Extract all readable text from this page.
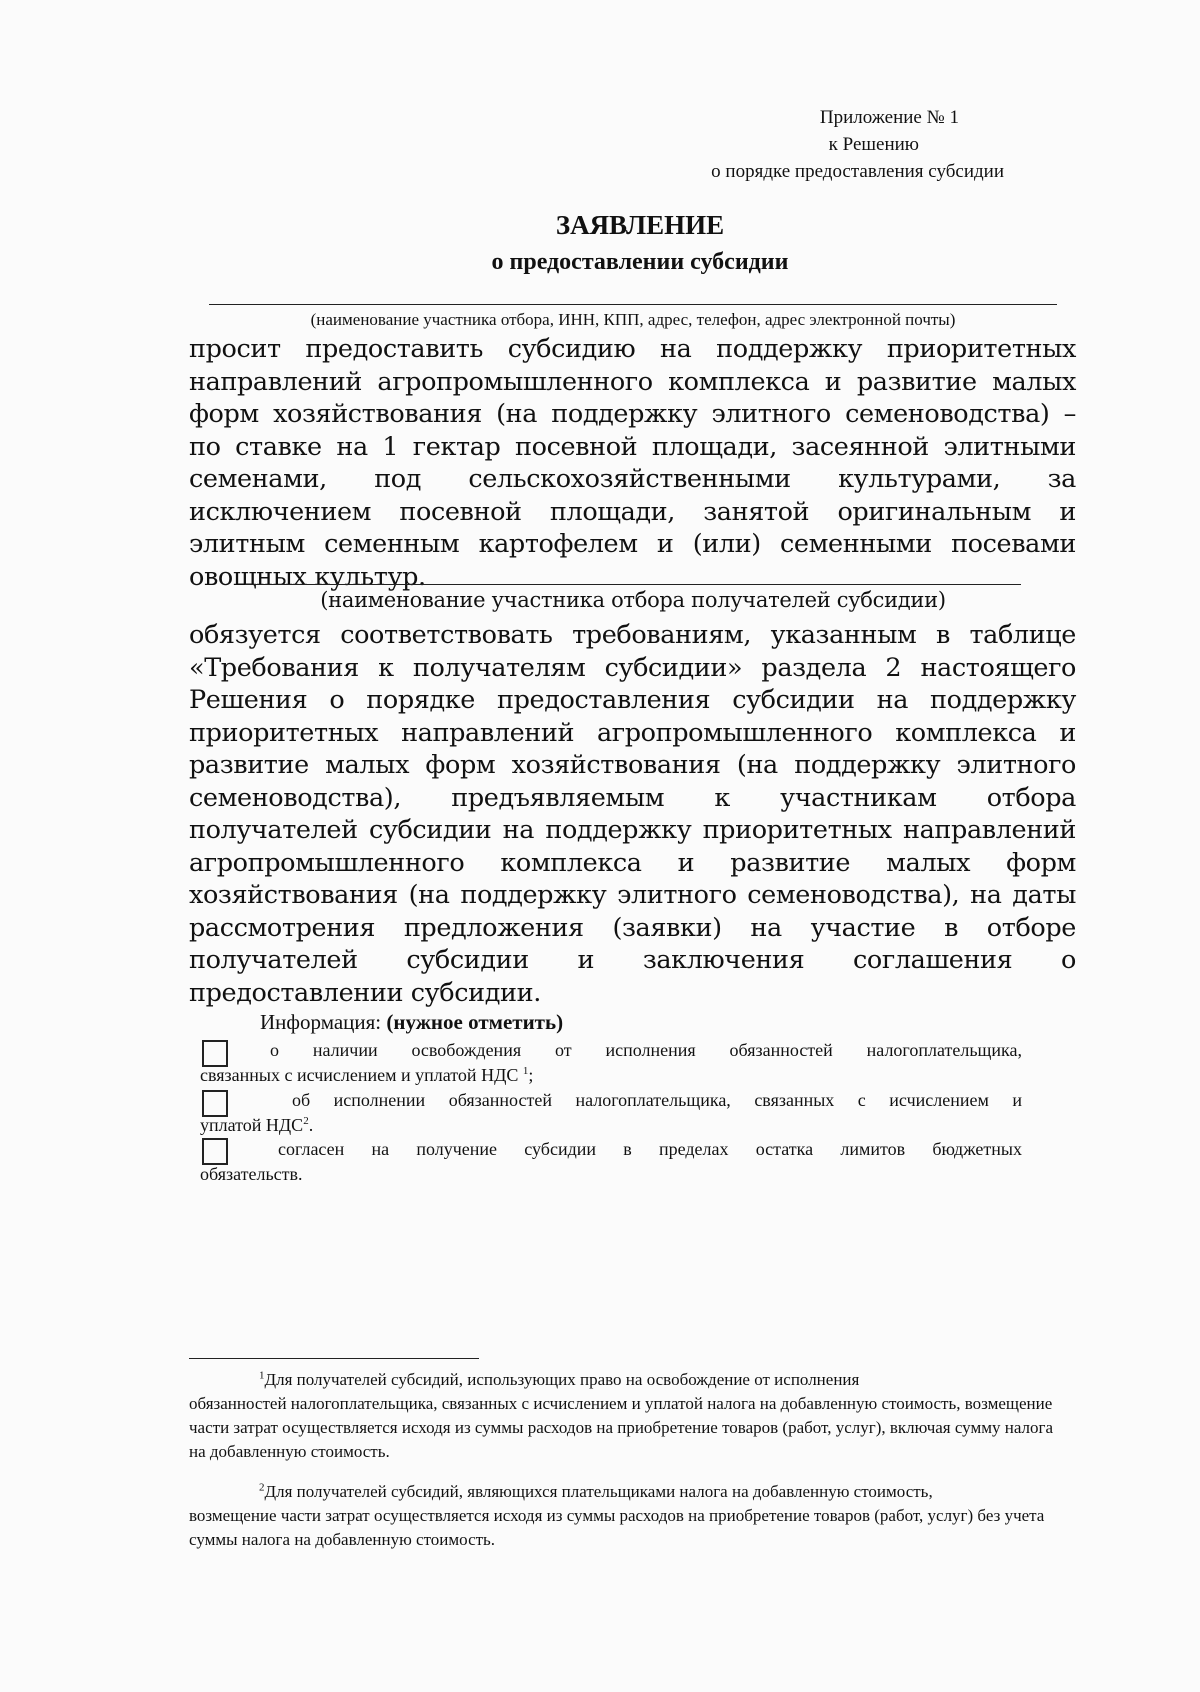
Приложение № 1
к Решению
о порядке предоставления субсидии
ЗАЯВЛЕНИЕ
о предоставлении субсидии
(наименование участника отбора, ИНН, КПП, адрес, телефон, адрес электронной почты)
просит предоставить субсидию на поддержку приоритетных направлений агропромышленного комплекса и развитие малых форм хозяйствования (на поддержку элитного семеноводства) – по ставке на 1 гектар посевной площади, засеянной элитными семенами, под сельскохозяйственными культурами, за исключением посевной площади, занятой оригинальным и элитным семенным картофелем и (или) семенными посевами овощных культур.
(наименование участника отбора получателей субсидии)
обязуется соответствовать требованиям, указанным в таблице «Требования к получателям субсидии» раздела 2 настоящего Решения о порядке предоставления субсидии на поддержку приоритетных направлений агропромышленного комплекса и развитие малых форм хозяйствования (на поддержку элитного семеноводства), предъявляемым к участникам отбора получателей субсидии на поддержку приоритетных направлений агропромышленного комплекса и развитие малых форм хозяйствования (на поддержку элитного семеноводства), на даты рассмотрения предложения (заявки) на участие в отборе получателей субсидии и заключения соглашения о предоставлении субсидии.
Информация: (нужное отметить)
о наличии освобождения от исполнения обязанностей налогоплательщика,
связанных с исчислением и уплатой НДС $^1$;
об исполнении обязанностей налогоплательщика, связанных с исчислением и
уплатой НДС$^2$.
согласен на получение субсидии в пределах остатка лимитов бюджетных
обязательств.
$^1$Для получателей субсидий, использующих право на освобождение от исполнения
обязанностей налогоплательщика, связанных с исчислением и уплатой налога на добавленную стоимость, возмещение части затрат осуществляется исходя из суммы расходов на приобретение товаров (работ, услуг), включая сумму налога на добавленную стоимость.
$^2$Для получателей субсидий, являющихся плательщиками налога на добавленную стоимость,
возмещение части затрат осуществляется исходя из суммы расходов на приобретение товаров (работ, услуг) без учета суммы налога на добавленную стоимость.
